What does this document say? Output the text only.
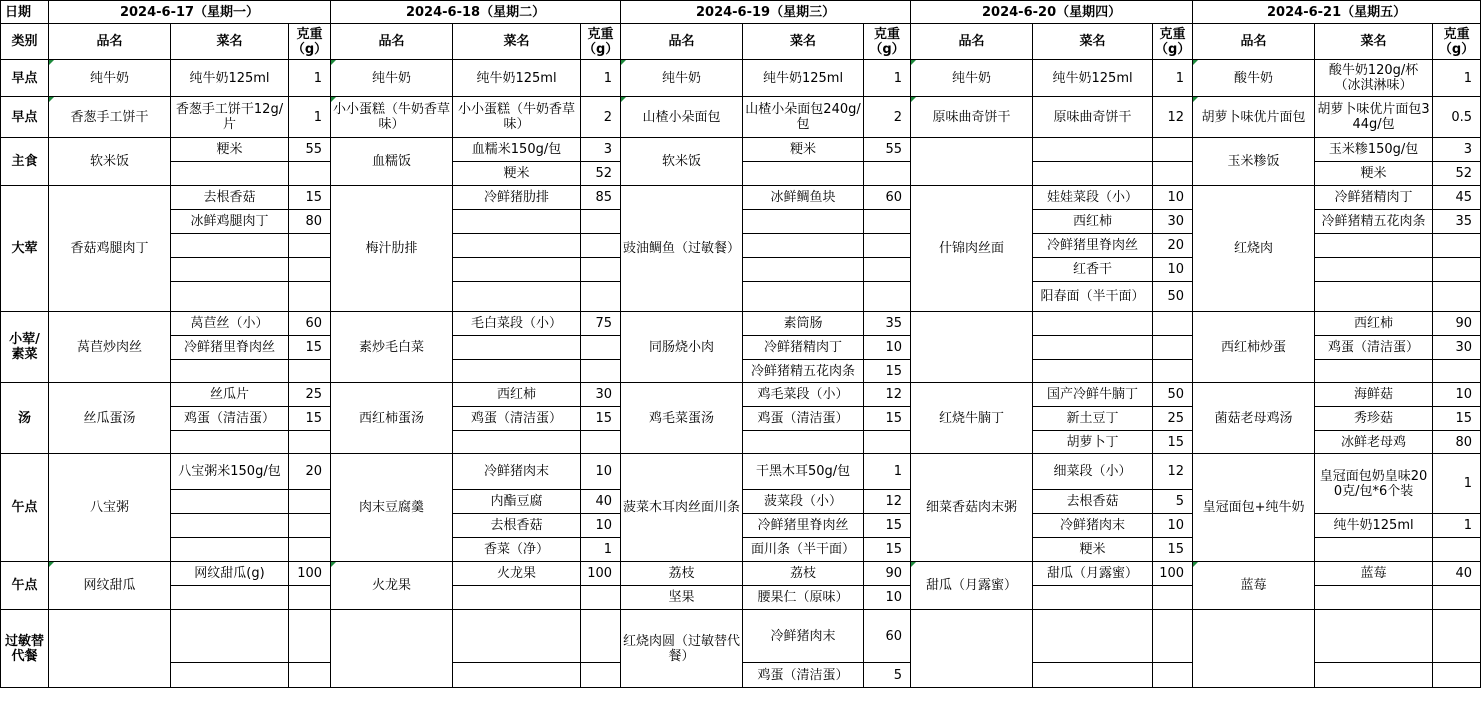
日期	2024-6-17（星期一）			2024-6-18（星期二）			2024-6-19（星期三）			2024-6-20（星期四）			2024-6-21（星期五）		
类别	品名	菜名	克重（g）	品名	菜名	克重（g）	品名	菜名	克重（g）	品名	菜名	克重（g）	品名	菜名	克重（g）

早点	纯牛奶	纯牛奶125ml	1	纯牛奶	纯牛奶125ml	1	纯牛奶	纯牛奶125ml	1	纯牛奶	纯牛奶125ml	1	酸牛奶	酸牛奶120g/杯（冰淇淋味）	1
早点	香葱手工饼干	香葱手工饼干12g/片	1	小小蛋糕（牛奶香草味）	小小蛋糕（牛奶香草味）	2	山楂小朵面包	山楂小朵面包240g/包	2	原味曲奇饼干	原味曲奇饼干	12	胡萝卜味优片面包	胡萝卜味优片面包344g/包	0.5
主食	软米饭	粳米	55	血糯饭	血糯米150g/包	3	软米饭	粳米	55				玉米糁饭	玉米糁150g/包	3
					粳米	52								粳米	52
大荤	香菇鸡腿肉丁	去根香菇	15	梅汁肋排	冷鲜猪肋排	85	豉油鲷鱼（过敏餐）	冰鲜鲷鱼块	60	什锦肉丝面	娃娃菜段（小）	10	红烧肉	冷鲜猪精肉丁	45
		冰鲜鸡腿肉丁	80								西红柿	30		冷鲜猪精五花肉条	35
											冷鲜猪里脊肉丝	20			
											红香干	10			
											阳春面（半干面）	50			
小荤/素菜	莴苣炒肉丝	莴苣丝（小）	60	素炒毛白菜	毛白菜段（小）	75	同肠烧小肉	素筒肠	35				西红柿炒蛋	西红柿	90
		冷鲜猪里脊肉丝	15					冷鲜猪精肉丁	10					鸡蛋（清洁蛋）	30
								冷鲜猪精五花肉条	15						
汤	丝瓜蛋汤	丝瓜片	25	西红柿蛋汤	西红柿	30	鸡毛菜蛋汤	鸡毛菜段（小）	12	红烧牛腩丁	国产冷鲜牛腩丁	50	菌菇老母鸡汤	海鲜菇	10
		鸡蛋（清洁蛋）	15		鸡蛋（清洁蛋）	15		鸡蛋（清洁蛋）	15		新土豆丁	25		秀珍菇	15
											胡萝卜丁	15		冰鲜老母鸡	80
午点	八宝粥	八宝粥米150g/包	20	肉末豆腐羹	冷鲜猪肉末	10	菠菜木耳肉丝面川条	干黑木耳50g/包	1	细菜香菇肉末粥	细菜段（小）	12	皇冠面包+纯牛奶	皇冠面包奶皇味200克/包*6个装	1
					内酯豆腐	40		菠菜段（小）	12		去根香菇	5			
					去根香菇	10		冷鲜猪里脊肉丝	15		冷鲜猪肉末	10		纯牛奶125ml	1
					香菜（净）	1		面川条（半干面）	15		粳米	15			
午点	网纹甜瓜	网纹甜瓜(g)	100	火龙果	火龙果	100	荔枝	荔枝	90	甜瓜（月露蜜）	甜瓜（月露蜜）	100	蓝莓	蓝莓	40
							坚果	腰果仁（原味）	10						
过敏替代餐							红烧肉圆（过敏替代餐）	冷鲜猪肉末	60						
								鸡蛋（清洁蛋）	5						
